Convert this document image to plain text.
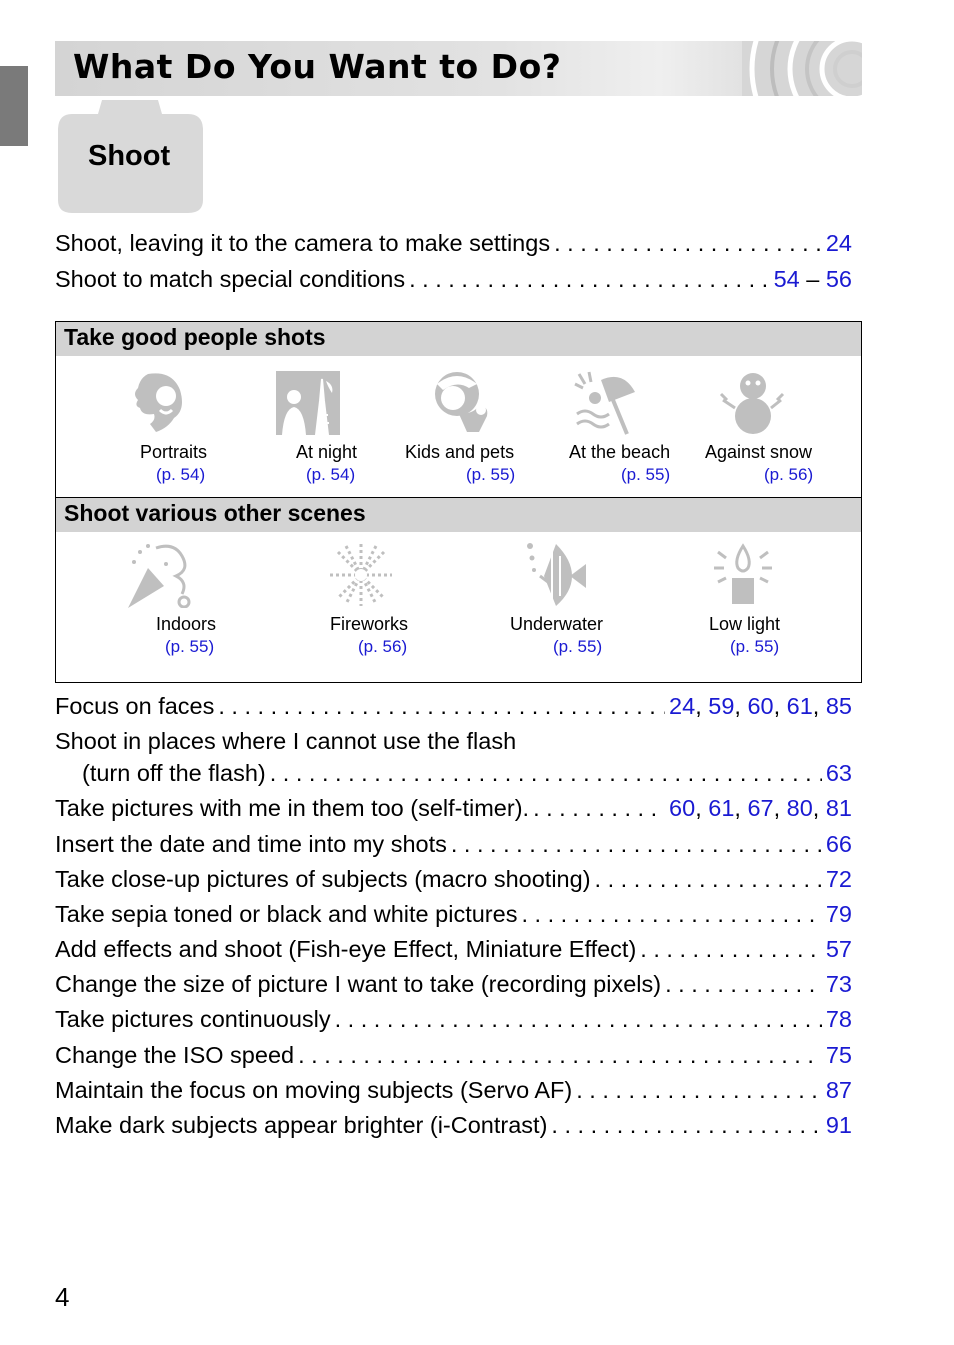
What Do You Want to Do?
Shoot
Shoot, leaving it to the camera to make settings . . .	24
Shoot to match special conditions . . .	54 – 56
Take good people shots
Portraits
(p. 54)
At night
(p. 54)
Kids and pets
(p. 55)
At the beach
(p. 55)
Against snow
(p. 56)
Shoot various other scenes
Indoors
(p. 55)
Fireworks
(p. 56)
Underwater
(p. 55)
Low light
(p. 55)
Focus on faces . . .	24, 59, 60, 61, 85
Shoot in places where I cannot use the flash
(turn off the flash) . . .	63
Take pictures with me in them too (self-timer). . . .	60, 61, 67, 80, 81
Insert the date and time into my shots . . .	66
Take close-up pictures of subjects (macro shooting) . . .	72
Take sepia toned or black and white pictures . . .	79
Add effects and shoot (Fish-eye Effect, Miniature Effect) . . .	57
Change the size of picture I want to take (recording pixels) . . .	73
Take pictures continuously . . .	78
Change the ISO speed . . .	75
Maintain the focus on moving subjects (Servo AF) . . .	87
Make dark subjects appear brighter (i-Contrast) . . .	91
4
